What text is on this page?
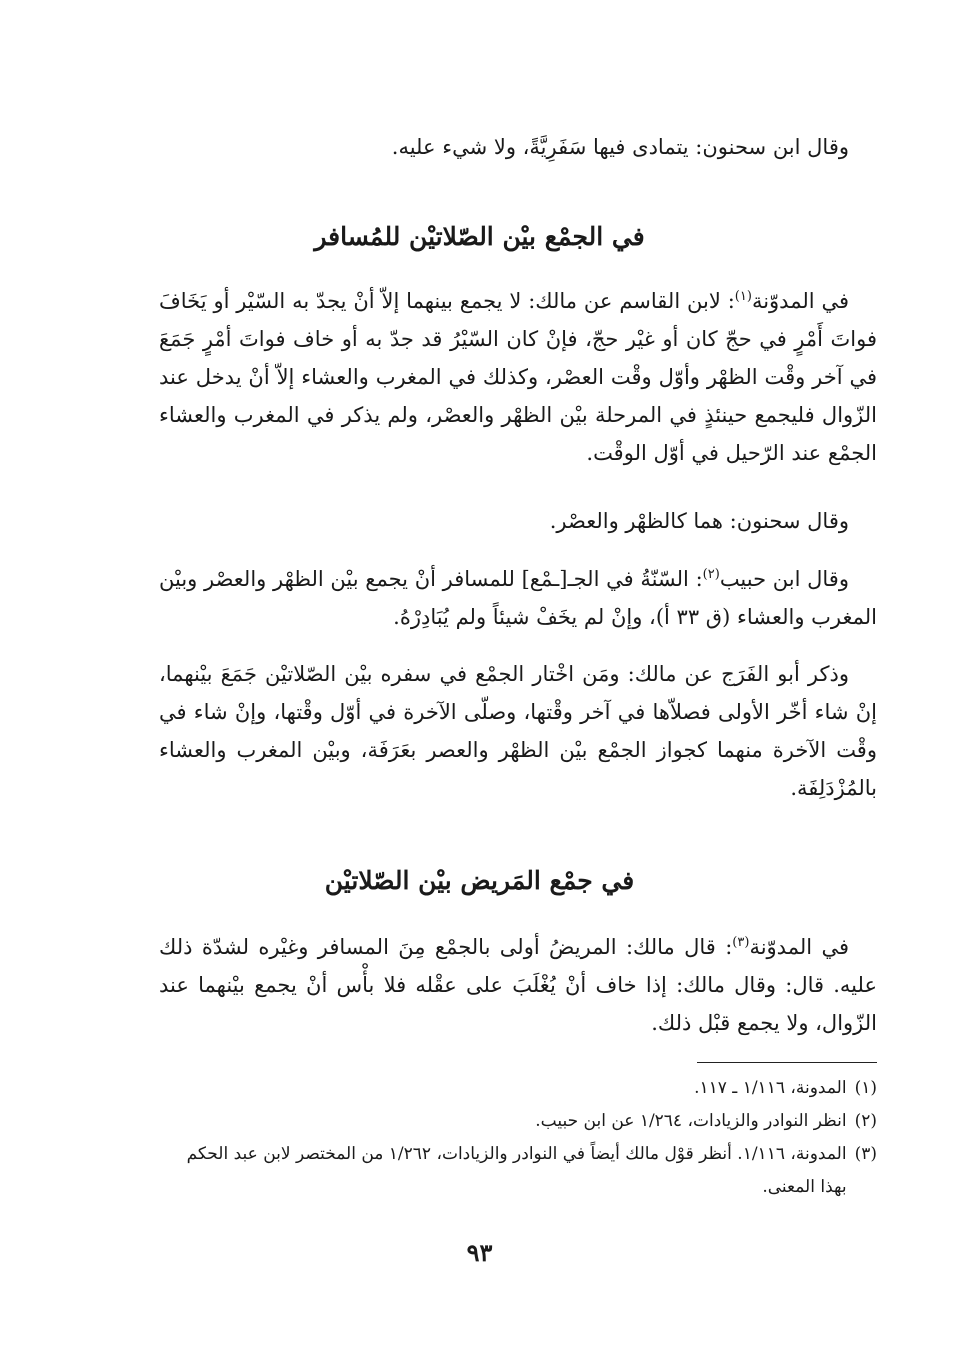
وقال ابن سحنون: يتمادى فيها سَفَرِيَّةً، ولا شيء عليه.
في الجمْع بيْن الصّلاتيْن للمُسافر
في المدوّنة$^{(١)}$: لابن القاسم عن مالك: لا يجمع بينهما إلاّ أنْ يجدّ به السّيْر أو يَخَافَ فواتَ أَمْرٍ في حجّ كان أو غيْر حجّ، فإنْ كان السّيْرُ قد جدّ به أو خاف فواتَ أمْرٍ جَمَعَ في آخر وقْت الظهْر وأوّل وقْت العصْر، وكذلك في المغرب والعشاء إلاّ أنْ يدخل عند الزّوال فليجمع حينئذٍ في المرحلة بيْن الظهْر والعصْر، ولم يذكر في المغرب والعشاء الجمْع عند الرّحيل في أوّل الوقْت.
وقال سحنون: هما كالظهْر والعصْر.
وقال ابن حبيب$^{(٢)}$: السّنّةُ في الجـ[ـمْع] للمسافر أنْ يجمع بيْن الظهْر والعصْر وبيْن المغرب والعشاء (ق ٣٣ أ)، وإنْ لم يخَفْ شيئاً ولم يُبَادِرْهُ.
وذكر أبو الفَرَج عن مالك: ومَن اخْتار الجمْع في سفره بيْن الصّلاتيْن جَمَعَ بيْنهما، إنْ شاء أخّر الأولى فصلاّها في آخر وقْتها، وصلّى الآخرة في أوّل وقْتها، وإنْ شاء في وقْت الآخرة منهما كجواز الجمْع بيْن الظهْر والعصر بعَرَفَة، وبيْن المغرب والعشاء بالمُزْدَلِفَة.
في جمْع المَريض بيْن الصّلاتيْن
في المدوّنة$^{(٣)}$: قال مالك: المريضُ أولى بالجمْع مِنَ المسافر وغيْره لشدّة ذلك عليه. قال: وقال مالك: إذا خاف أنْ يُغْلَبَ على عقْله فلا بأْس أنْ يجمع بيْنهما عند الزّوال، ولا يجمع قبْل ذلك.
(١)
المدونة، ١/١١٦ ـ ١١٧.
(٢)
انظر النوادر والزيادات، ١/٢٦٤ عن ابن حبيب.
(٣)
المدونة، ١/١١٦. أنظر قوْل مالك أيضاً في النوادر والزيادات، ١/٢٦٢ من المختصر لابن عبد الحكم بهذا المعنى.
٩٣
